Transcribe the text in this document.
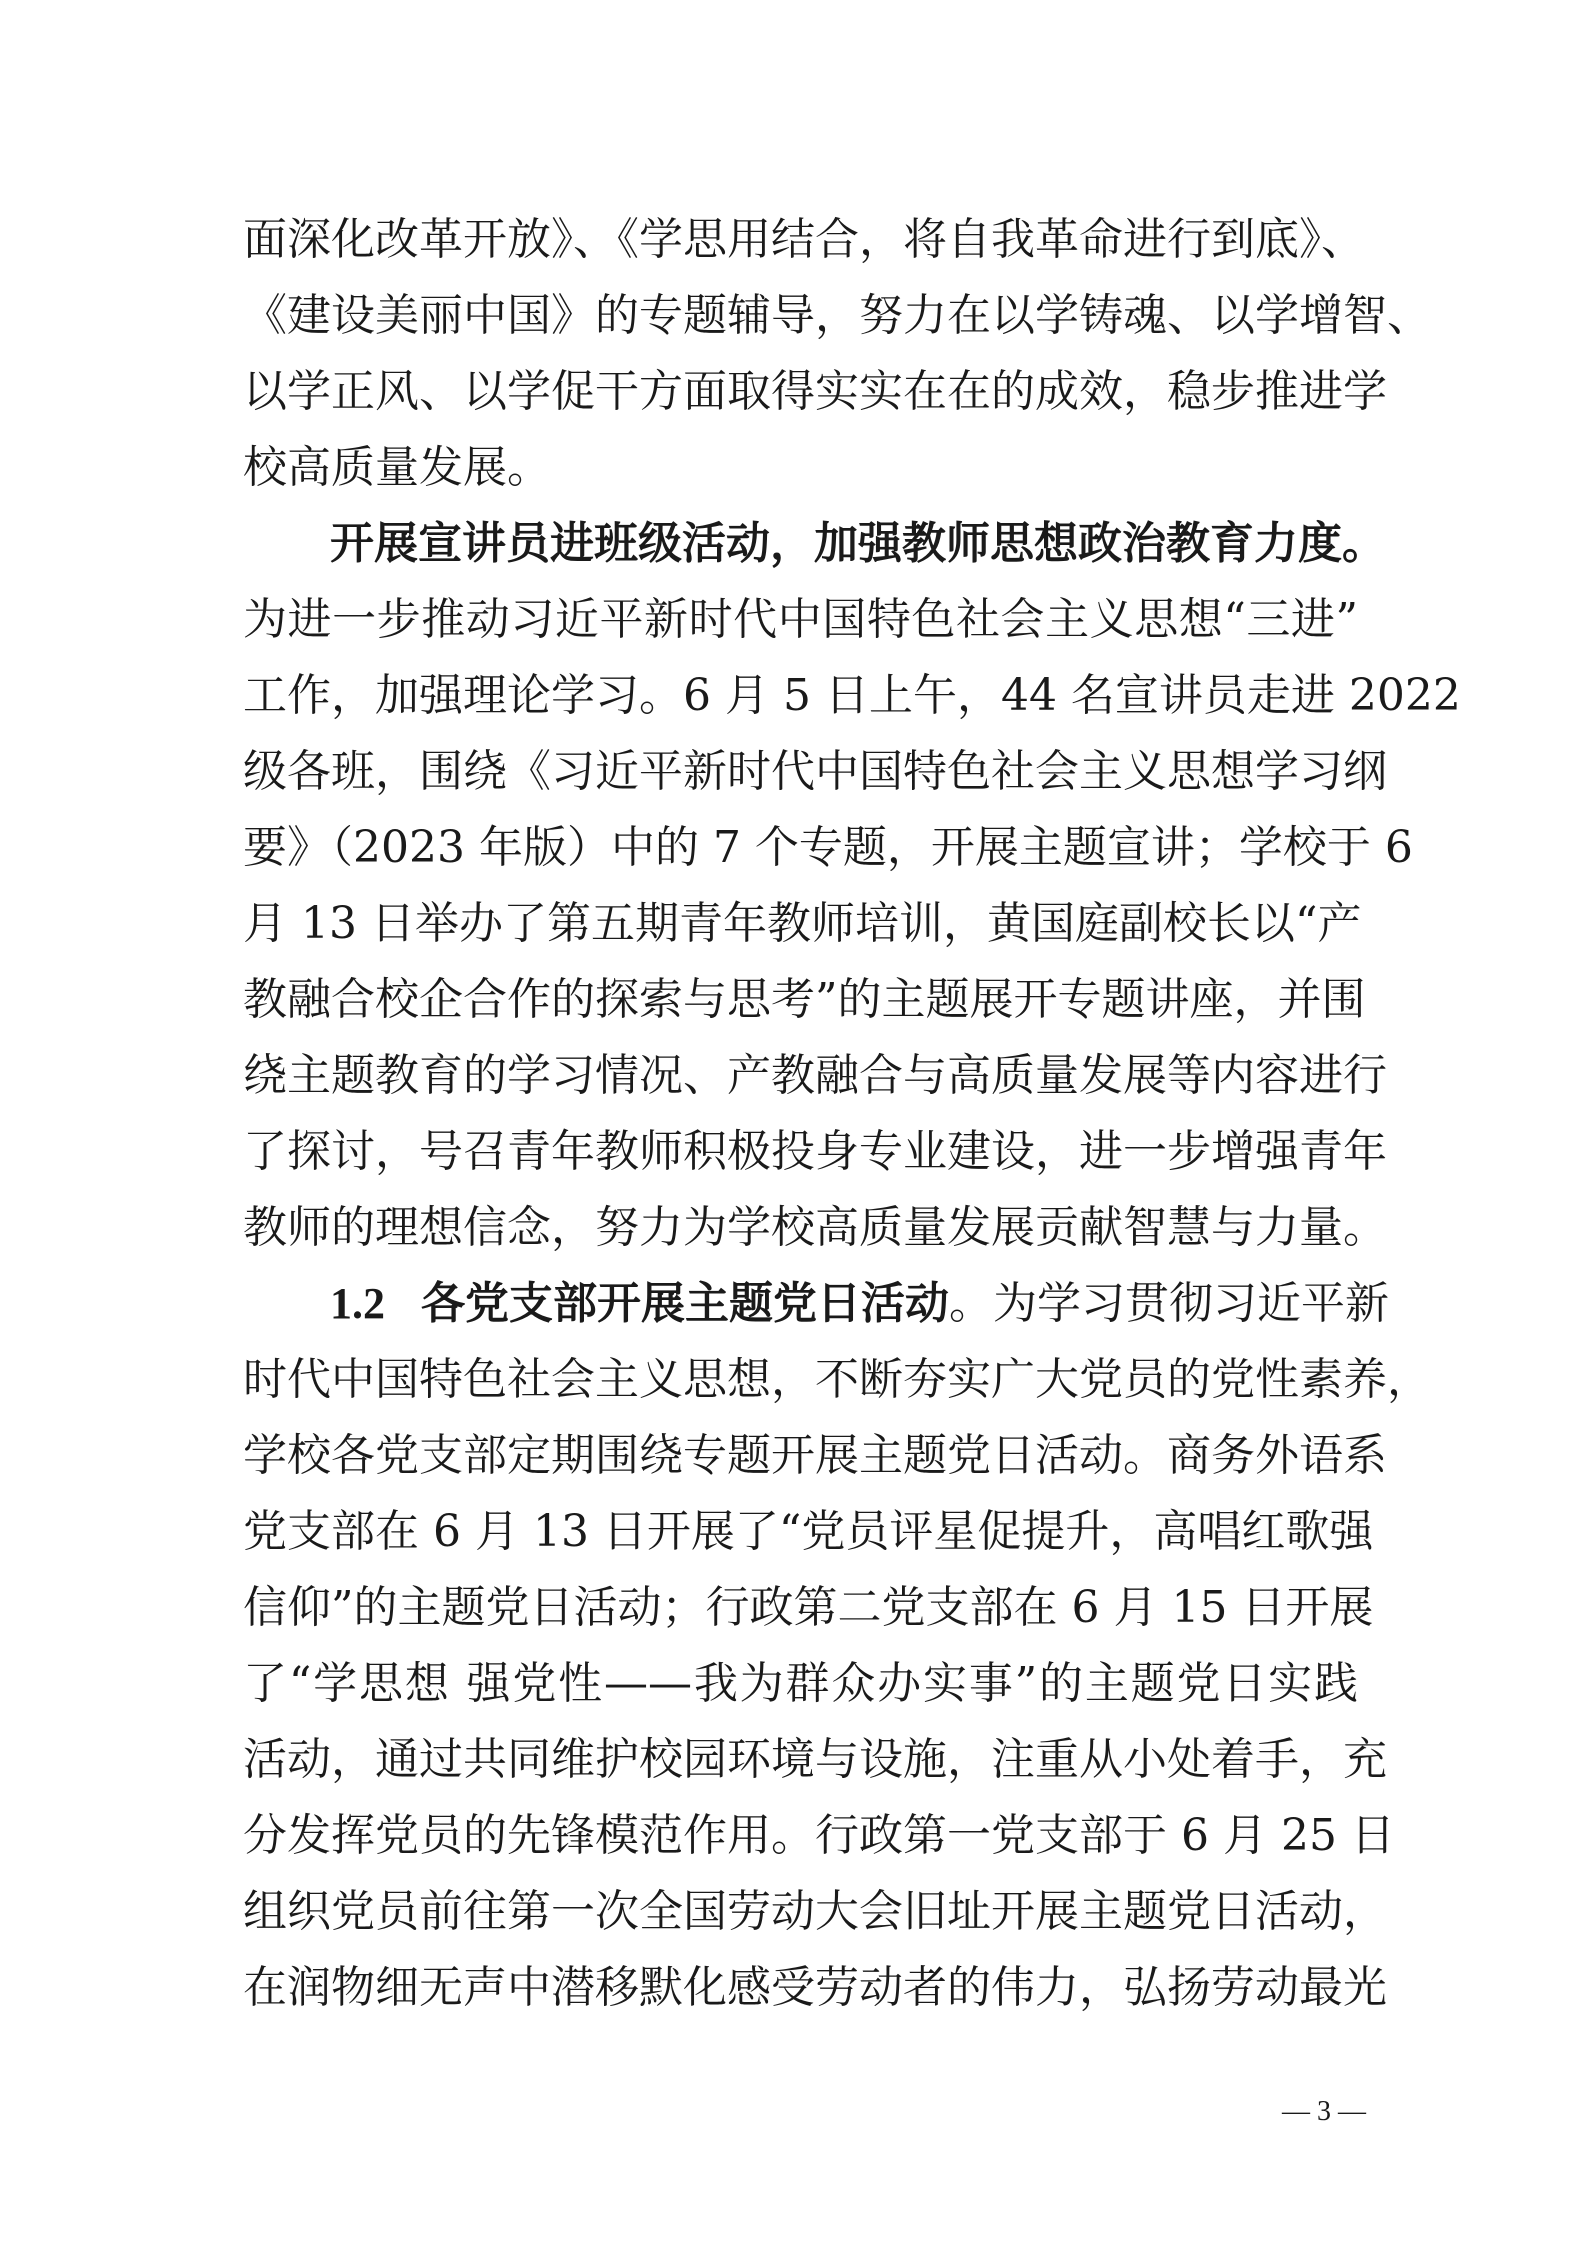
面深化改革开放》、《学思用结合，将自我革命进行到底》、
《建设美丽中国》的专题辅导，努力在以学铸魂、以学增智、
以学正风、以学促干方面取得实实在在的成效，稳步推进学
校高质量发展。
开展宣讲员进班级活动，加强教师思想政治教育力度。
为进一步推动习近平新时代中国特色社会主义思想“三进”
工作，加强理论学习。6 月 5 日上午，44 名宣讲员走进 2022
级各班，围绕《习近平新时代中国特色社会主义思想学习纲
要》（2023 年版）中的 7 个专题，开展主题宣讲；学校于 6
月 13 日举办了第五期青年教师培训，黄国庭副校长以“产
教融合校企合作的探索与思考”的主题展开专题讲座，并围
绕主题教育的学习情况、产教融合与高质量发展等内容进行
了探讨，号召青年教师积极投身专业建设，进一步增强青年
教师的理想信念，努力为学校高质量发展贡献智慧与力量。
1.2 各党支部开展主题党日活动。为学习贯彻习近平新
时代中国特色社会主义思想，不断夯实广大党员的党性素养，
学校各党支部定期围绕专题开展主题党日活动。商务外语系
党支部在 6 月 13 日开展了“党员评星促提升，高唱红歌强
信仰”的主题党日活动；行政第二党支部在 6 月 15 日开展
了“学思想 强党性——我为群众办实事”的主题党日实践
活动，通过共同维护校园环境与设施，注重从小处着手，充
分发挥党员的先锋模范作用。行政第一党支部于 6 月 25 日
组织党员前往第一次全国劳动大会旧址开展主题党日活动，
在润物细无声中潜移默化感受劳动者的伟力，弘扬劳动最光
— 3 —
